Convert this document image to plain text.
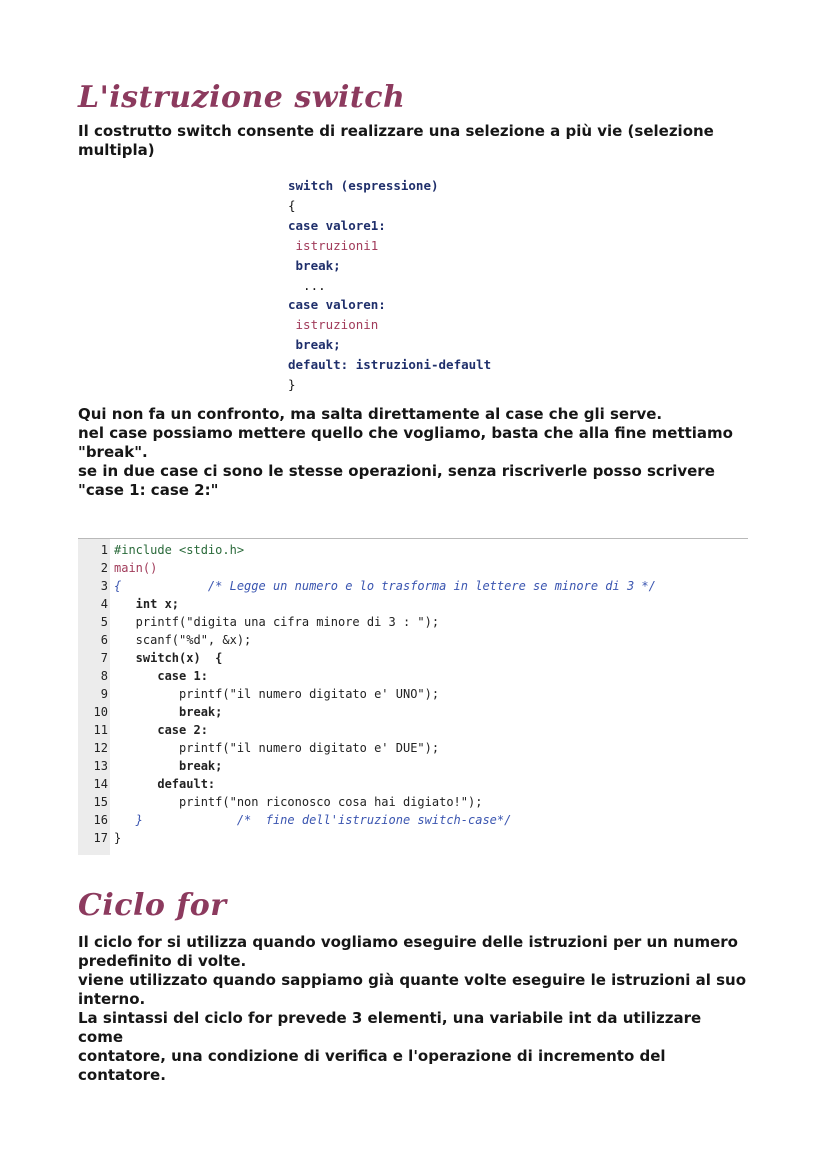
L'istruzione switch
Il costrutto switch consente di realizzare una selezione a più vie (selezione
multipla)
switch (espressione)
{
case valore1:
istruzioni1
break;
...
case valoren:
istruzionin
break;
default: istruzioni-default
}
Qui non fa un confronto, ma salta direttamente al case che gli serve.
nel case possiamo mettere quello che vogliamo, basta che alla fine mettiamo
"break".
se in due case ci sono le stesse operazioni, senza riscriverle posso scrivere
"case 1: case 2:"
1 #include <stdio.h>
2 main()
3 {            /* Legge un numero e lo trasforma in lettere se minore di 3 */
4 int x;
5 printf("digita una cifra minore di 3 : ");
6 scanf("%d", &x);
7 switch(x)  {
8 case 1:
9 printf("il numero digitato e' UNO");
10 break;
11 case 2:
12 printf("il numero digitato e' DUE");
13 break;
14 default:
15 printf("non riconosco cosa hai digiato!");
16 }             /*  fine dell'istruzione switch-case*/
17 }
Ciclo for
Il ciclo for si utilizza quando vogliamo eseguire delle istruzioni per un numero
predefinito di volte.
viene utilizzato quando sappiamo già quante volte eseguire le istruzioni al suo
interno.
La sintassi del ciclo for prevede 3 elementi, una variabile int da utilizzare come
contatore, una condizione di verifica e l'operazione di incremento del
contatore.
